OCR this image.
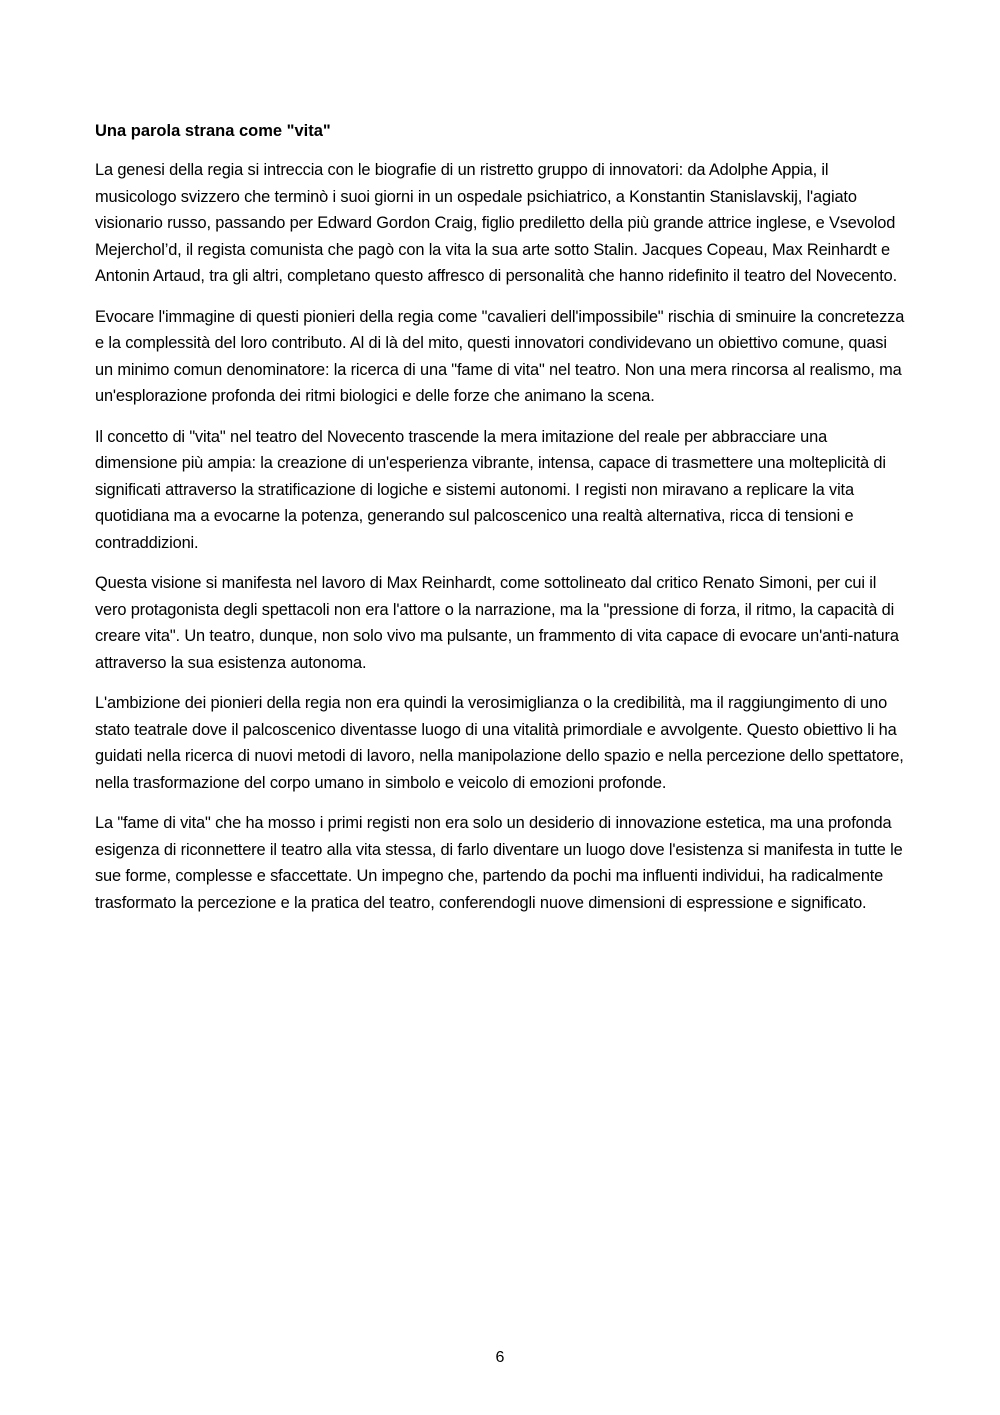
Una parola strana come "vita"

La genesi della regia si intreccia con le biografie di un ristretto gruppo di innovatori: da Adolphe Appia, il musicologo svizzero che terminò i suoi giorni in un ospedale psichiatrico, a Konstantin Stanislavskij, l'agiato visionario russo, passando per Edward Gordon Craig, figlio prediletto della più grande attrice inglese, e Vsevolod Mejerchol’d, il regista comunista che pagò con la vita la sua arte sotto Stalin. Jacques Copeau, Max Reinhardt e Antonin Artaud, tra gli altri, completano questo affresco di personalità che hanno ridefinito il teatro del Novecento.

Evocare l'immagine di questi pionieri della regia come "cavalieri dell'impossibile" rischia di sminuire la concretezza e la complessità del loro contributo. Al di là del mito, questi innovatori condividevano un obiettivo comune, quasi un minimo comun denominatore: la ricerca di una "fame di vita" nel teatro. Non una mera rincorsa al realismo, ma un'esplorazione profonda dei ritmi biologici e delle forze che animano la scena.

Il concetto di "vita" nel teatro del Novecento trascende la mera imitazione del reale per abbracciare una dimensione più ampia: la creazione di un'esperienza vibrante, intensa, capace di trasmettere una molteplicità di significati attraverso la stratificazione di logiche e sistemi autonomi. I registi non miravano a replicare la vita quotidiana ma a evocarne la potenza, generando sul palcoscenico una realtà alternativa, ricca di tensioni e contraddizioni.

Questa visione si manifesta nel lavoro di Max Reinhardt, come sottolineato dal critico Renato Simoni, per cui il vero protagonista degli spettacoli non era l'attore o la narrazione, ma la "pressione di forza, il ritmo, la capacità di creare vita". Un teatro, dunque, non solo vivo ma pulsante, un frammento di vita capace di evocare un'anti-natura attraverso la sua esistenza autonoma.

L'ambizione dei pionieri della regia non era quindi la verosimiglianza o la credibilità, ma il raggiungimento di uno stato teatrale dove il palcoscenico diventasse luogo di una vitalità primordiale e avvolgente. Questo obiettivo li ha guidati nella ricerca di nuovi metodi di lavoro, nella manipolazione dello spazio e nella percezione dello spettatore, nella trasformazione del corpo umano in simbolo e veicolo di emozioni profonde.

La "fame di vita" che ha mosso i primi registi non era solo un desiderio di innovazione estetica, ma una profonda esigenza di riconnettere il teatro alla vita stessa, di farlo diventare un luogo dove l'esistenza si manifesta in tutte le sue forme, complesse e sfaccettate. Un impegno che, partendo da pochi ma influenti individui, ha radicalmente trasformato la percezione e la pratica del teatro, conferendogli nuove dimensioni di espressione e significato.

6
